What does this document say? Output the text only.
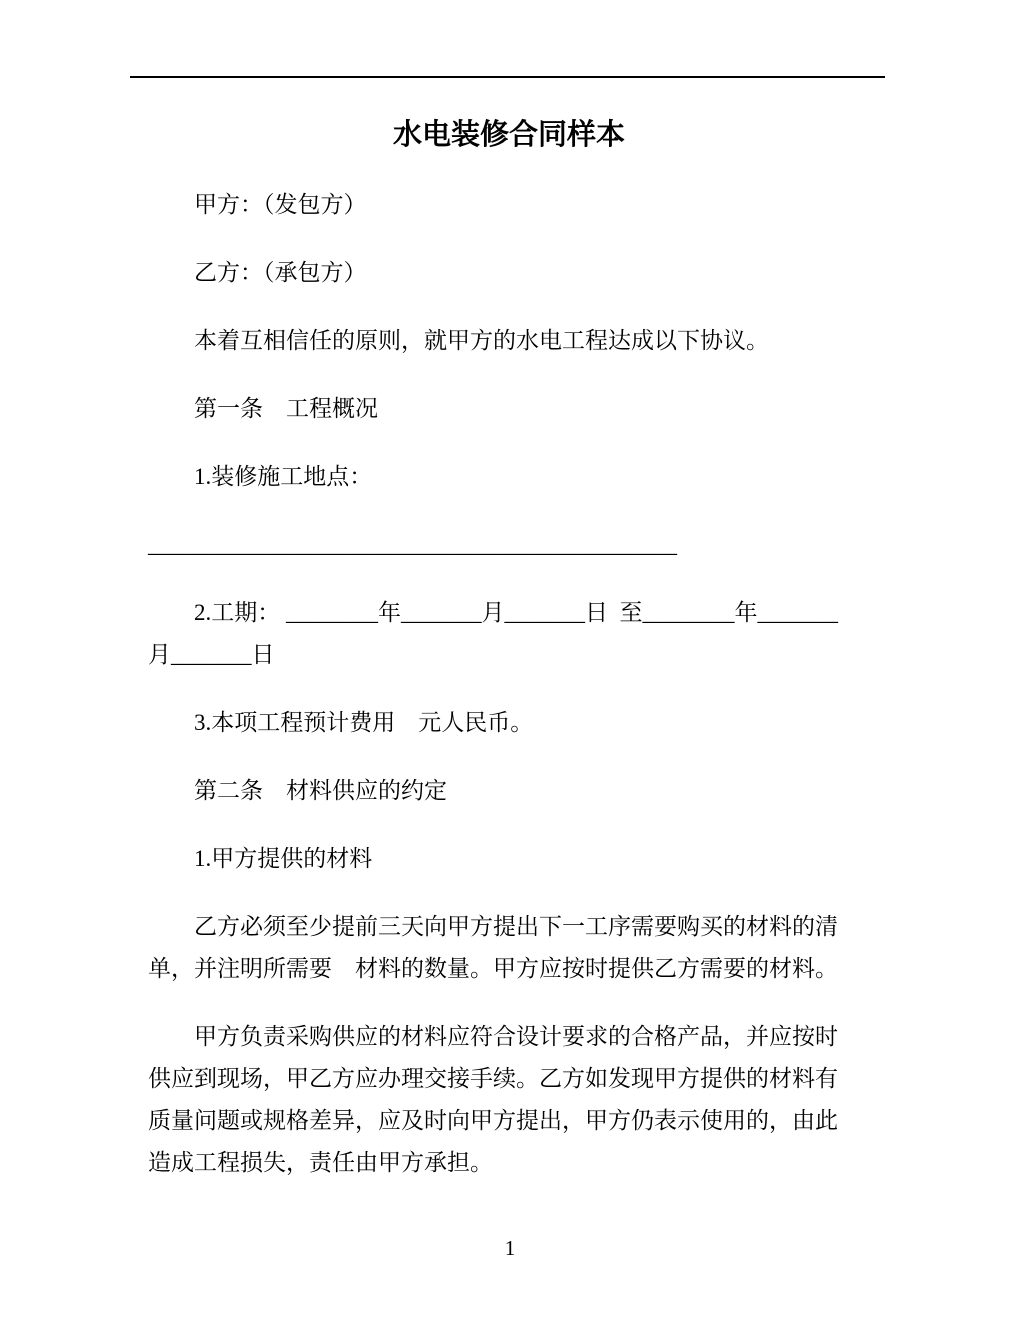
水电装修合同样本
甲方：（发包方）
乙方：（承包方）
本着互相信任的原则，就甲方的水电工程达成以下协议。
第一条　工程概况
1.装修施工地点：
______________________________________________
2.工期： ________年_______月_______日  至________年_______
月_______日
3.本项工程预计费用　元人民币。
第二条　材料供应的约定
1.甲方提供的材料
乙方必须至少提前三天向甲方提出下一工序需要购买的材料的清
单，并注明所需要　材料的数量。甲方应按时提供乙方需要的材料。
甲方负责采购供应的材料应符合设计要求的合格产品，并应按时
供应到现场，甲乙方应办理交接手续。乙方如发现甲方提供的材料有
质量问题或规格差异，应及时向甲方提出，甲方仍表示使用的，由此
造成工程损失，责任由甲方承担。
1
